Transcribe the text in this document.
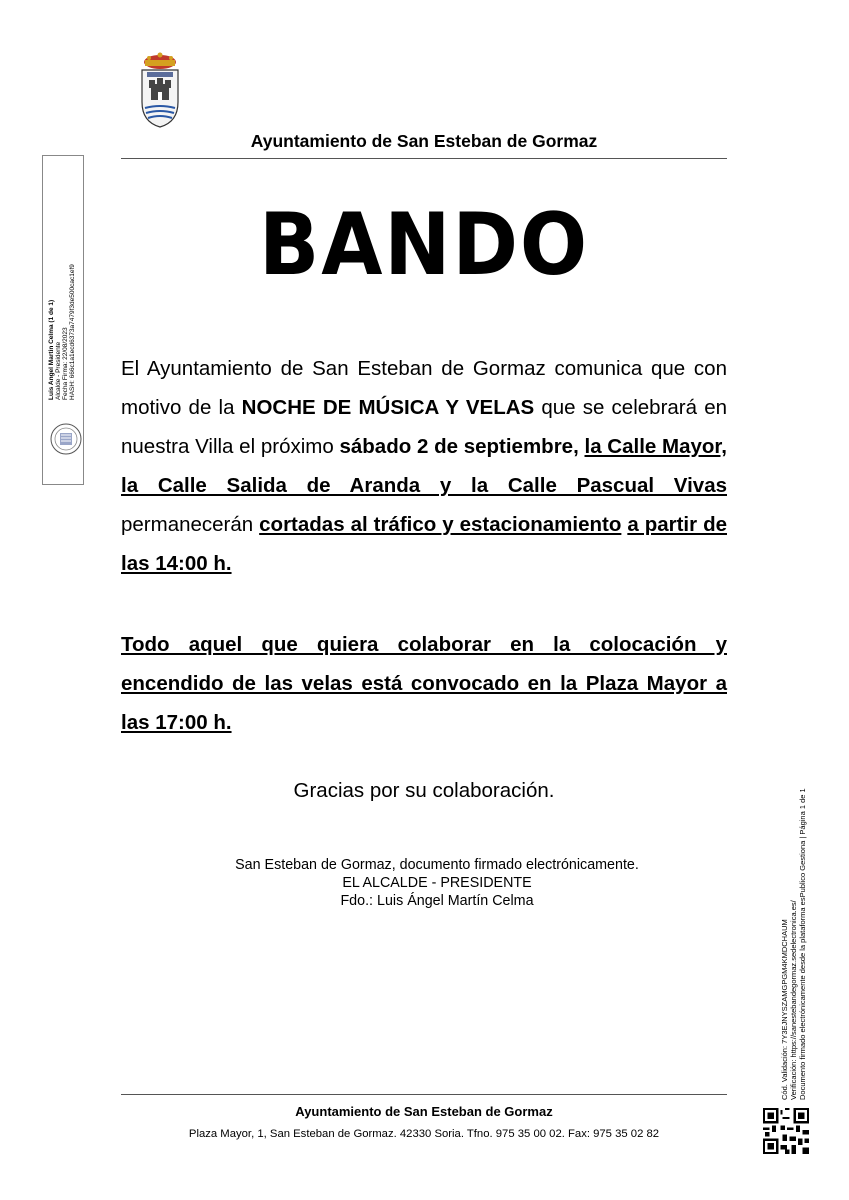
Ayuntamiento de San Esteban de Gormaz
BANDO
El Ayuntamiento de San Esteban de Gormaz comunica que con motivo de la NOCHE DE MÚSICA Y VELAS que se celebrará en nuestra Villa el próximo sábado 2 de septiembre, la Calle Mayor, la Calle Salida de Aranda y la Calle Pascual Vivas permanecerán cortadas al tráfico y estacionamiento a partir de las 14:00 h.
Todo aquel que quiera colaborar en la colocación y encendido de las velas está convocado en la Plaza Mayor a las 17:00 h.
Gracias por su colaboración.
San Esteban de Gormaz, documento firmado electrónicamente.
EL ALCALDE - PRESIDENTE
Fdo.: Luis Ángel Martín Celma
Ayuntamiento de San Esteban de Gormaz
Plaza Mayor, 1, San Esteban de Gormaz. 42330 Soria. Tfno. 975 35 00 02. Fax: 975 35 02 82
Luis Angel Martin Celma (1 de 1) Alcalde - Presidente Fecha Firma: 22/08/2023 HASH: 666c1a1ecd6373a7479f3de500cac1ef9
Cód. Validación: 7Y3EJNYSZAMGPGM4KMDCHAUM Verificación: https://sanestebandegormaz.sedelectronica.es/ Documento firmado electrónicamente desde la plataforma esPublico Gestiona | Página 1 de 1
